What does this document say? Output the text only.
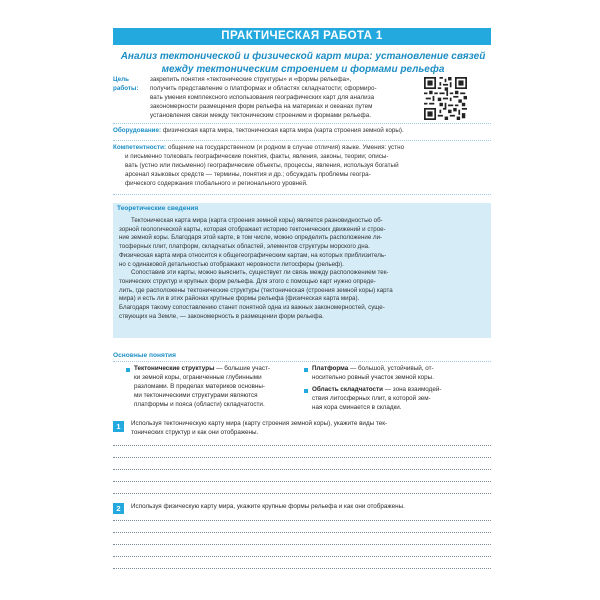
ПРАКТИЧЕСКАЯ РАБОТА 1
Анализ тектонической и физической карт мира: установление связей
между тектоническим строением и формами рельефа
Цель работы:
закрепить понятия «тектонические структуры» и «формы рельефа»,
получить представление о платформах и областях складчатости; сформиро-
вать умения комплексного использования географических карт для анализа
закономерности размещения форм рельефа на материках и океанах путем
установления связи между тектоническим строением и формами рельефа.
Оборудование: физическая карта мира, тектоническая карта мира (карта строения земной коры).
Компетентности: общение на государственном (и родном в случае отличия) языке. Умения: устно
и письменно толковать географические понятия, факты, явления, законы, теории; описы-
вать (устно или письменно) географические объекты, процессы, явления, используя богатый
арсенал языковых средств — термины, понятия и др.; обсуждать проблемы геогра-
фического содержания глобального и регионального уровней.
Теоретические сведения
Тектоническая карта мира (карта строения земной коры) является разновидностью об-
зорной геологической карты, которая отображает историю тектонических движений и строе-
ние земной коры. Благодаря этой карте, в том числе, можно определить расположение ли-
тосферных плит, платформ, складчатых областей, элементов структуры морского дна.
Физическая карта мира относится к общегеографическим картам, на которых приблизитель-
но с одинаковой детальностью отображают неровности литосферы (рельеф).
Сопоставив эти карты, можно выяснить, существует ли связь между расположением тек-
тонических структур и крупных форм рельефа. Для этого с помощью карт нужно опреде-
лить, где расположены тектонические структуры (тектоническая (строения земной коры) карта
мира) и есть ли в этих районах крупные формы рельефа (физическая карта мира).
Благодаря такому сопоставлению станет понятной одна из важных закономерностей, суще-
ствующих на Земле, — закономерность в размещении форм рельефа.
Основные понятия
Тектонические структуры — большие участ-
ки земной коры, ограниченные глубинными
разломами. В пределах материков основны-
ми тектоническими структурами являются
платформы и пояса (области) складчатости.
Платформа — большой, устойчивый, от-
носительно ровный участок земной коры.
Область складчатости — зона взаимодей-
ствия литосферных плит, в которой зем-
ная кора сминается в складки.
1	Используя тектоническую карту мира (карту строения земной коры), укажите виды тек-
тонических структур и как они отображены.
2	Используя физическую карту мира, укажите крупные формы рельефа и как они отображены.
